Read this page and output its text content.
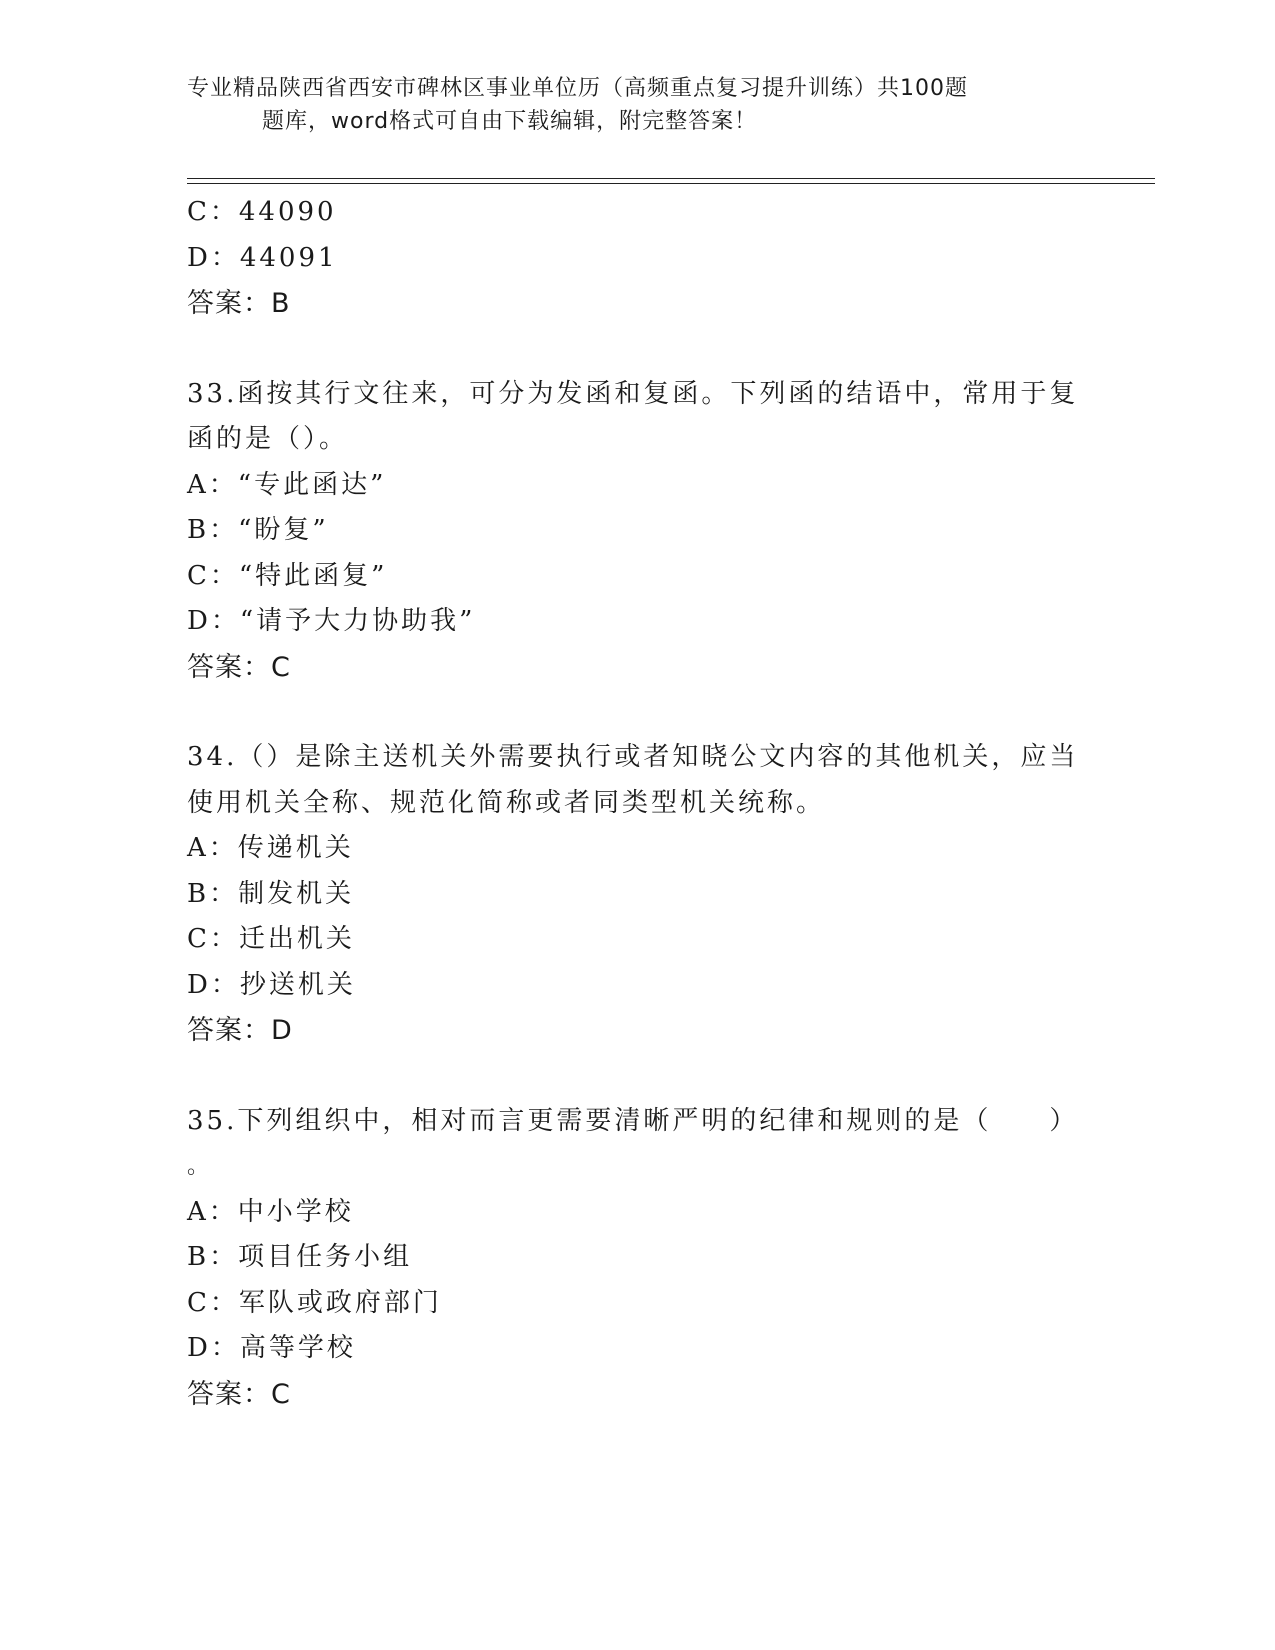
专业精品陕西省西安市碑林区事业单位历（高频重点复习提升训练）共100题
题库，word格式可自由下载编辑，附完整答案！
C：44090
D：44091
答案：B
33.函按其行文往来，可分为发函和复函。下列函的结语中，常用于复
函的是（）。
A：“专此函达”
B：“盼复”
C：“特此函复”
D：“请予大力协助我”
答案：C
34.（）是除主送机关外需要执行或者知晓公文内容的其他机关，应当
使用机关全称、规范化简称或者同类型机关统称。
A：传递机关
B：制发机关
C：迁出机关
D：抄送机关
答案：D
35.下列组织中，相对而言更需要清晰严明的纪律和规则的是（　　）
。
A：中小学校
B：项目任务小组
C：军队或政府部门
D：高等学校
答案：C
